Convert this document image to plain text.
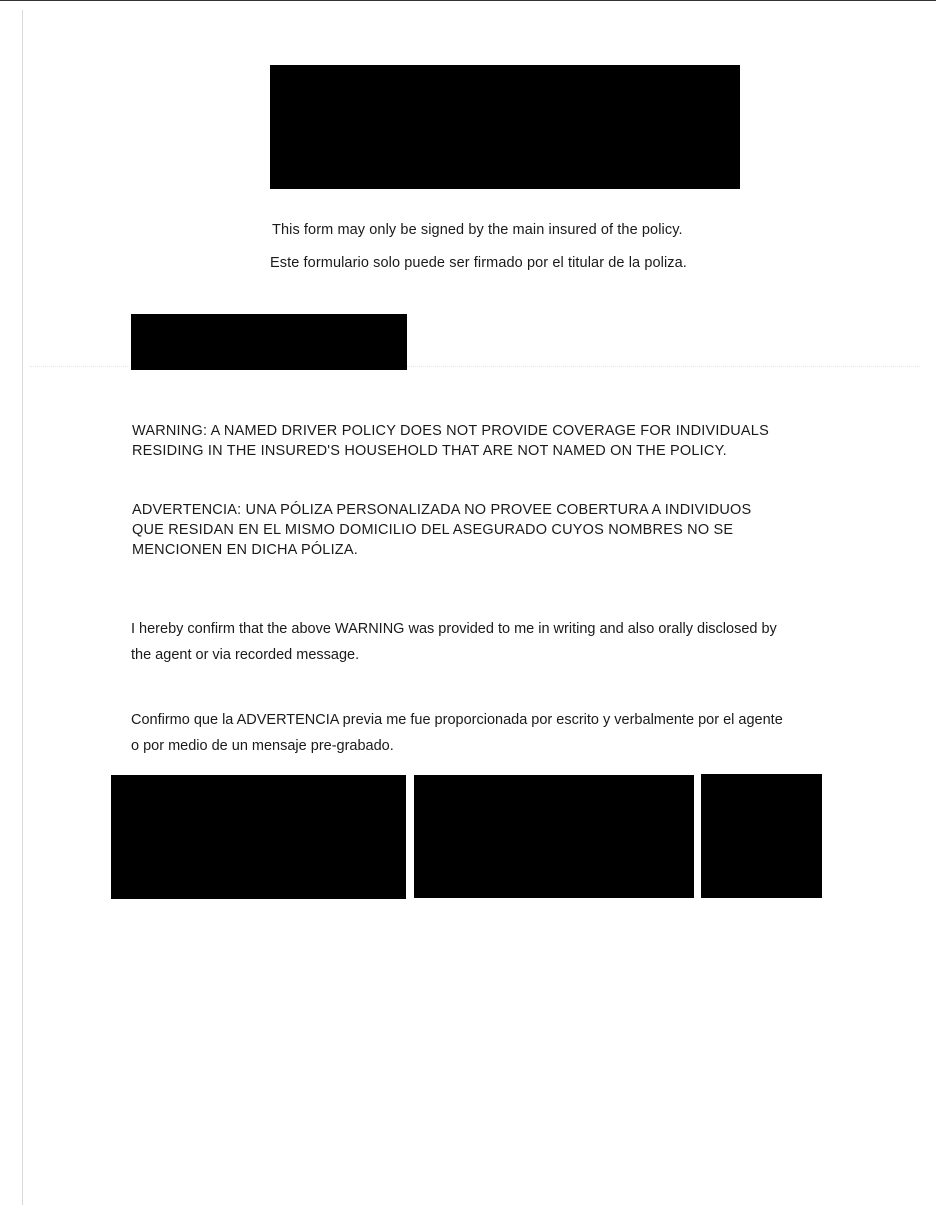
This form may only be signed by the main insured of the policy.

Este formulario solo puede ser firmado por el titular de la poliza.

WARNING: A NAMED DRIVER POLICY DOES NOT PROVIDE COVERAGE FOR INDIVIDUALS
RESIDING IN THE INSURED'S HOUSEHOLD THAT ARE NOT NAMED ON THE POLICY.
ADVERTENCIA: UNA PÓLIZA PERSONALIZADA NO PROVEE COBERTURA A INDIVIDUOS
QUE RESIDAN EN EL MISMO DOMICILIO DEL ASEGURADO CUYOS NOMBRES NO SE
MENCIONEN EN DICHA PÓLIZA.
I hereby confirm that the above WARNING was provided to me in writing and also orally disclosed by
the agent or via recorded message.
Confirmo que la ADVERTENCIA previa me fue proporcionada por escrito y verbalmente por el agente
o por medio de un mensaje pre-grabado.
